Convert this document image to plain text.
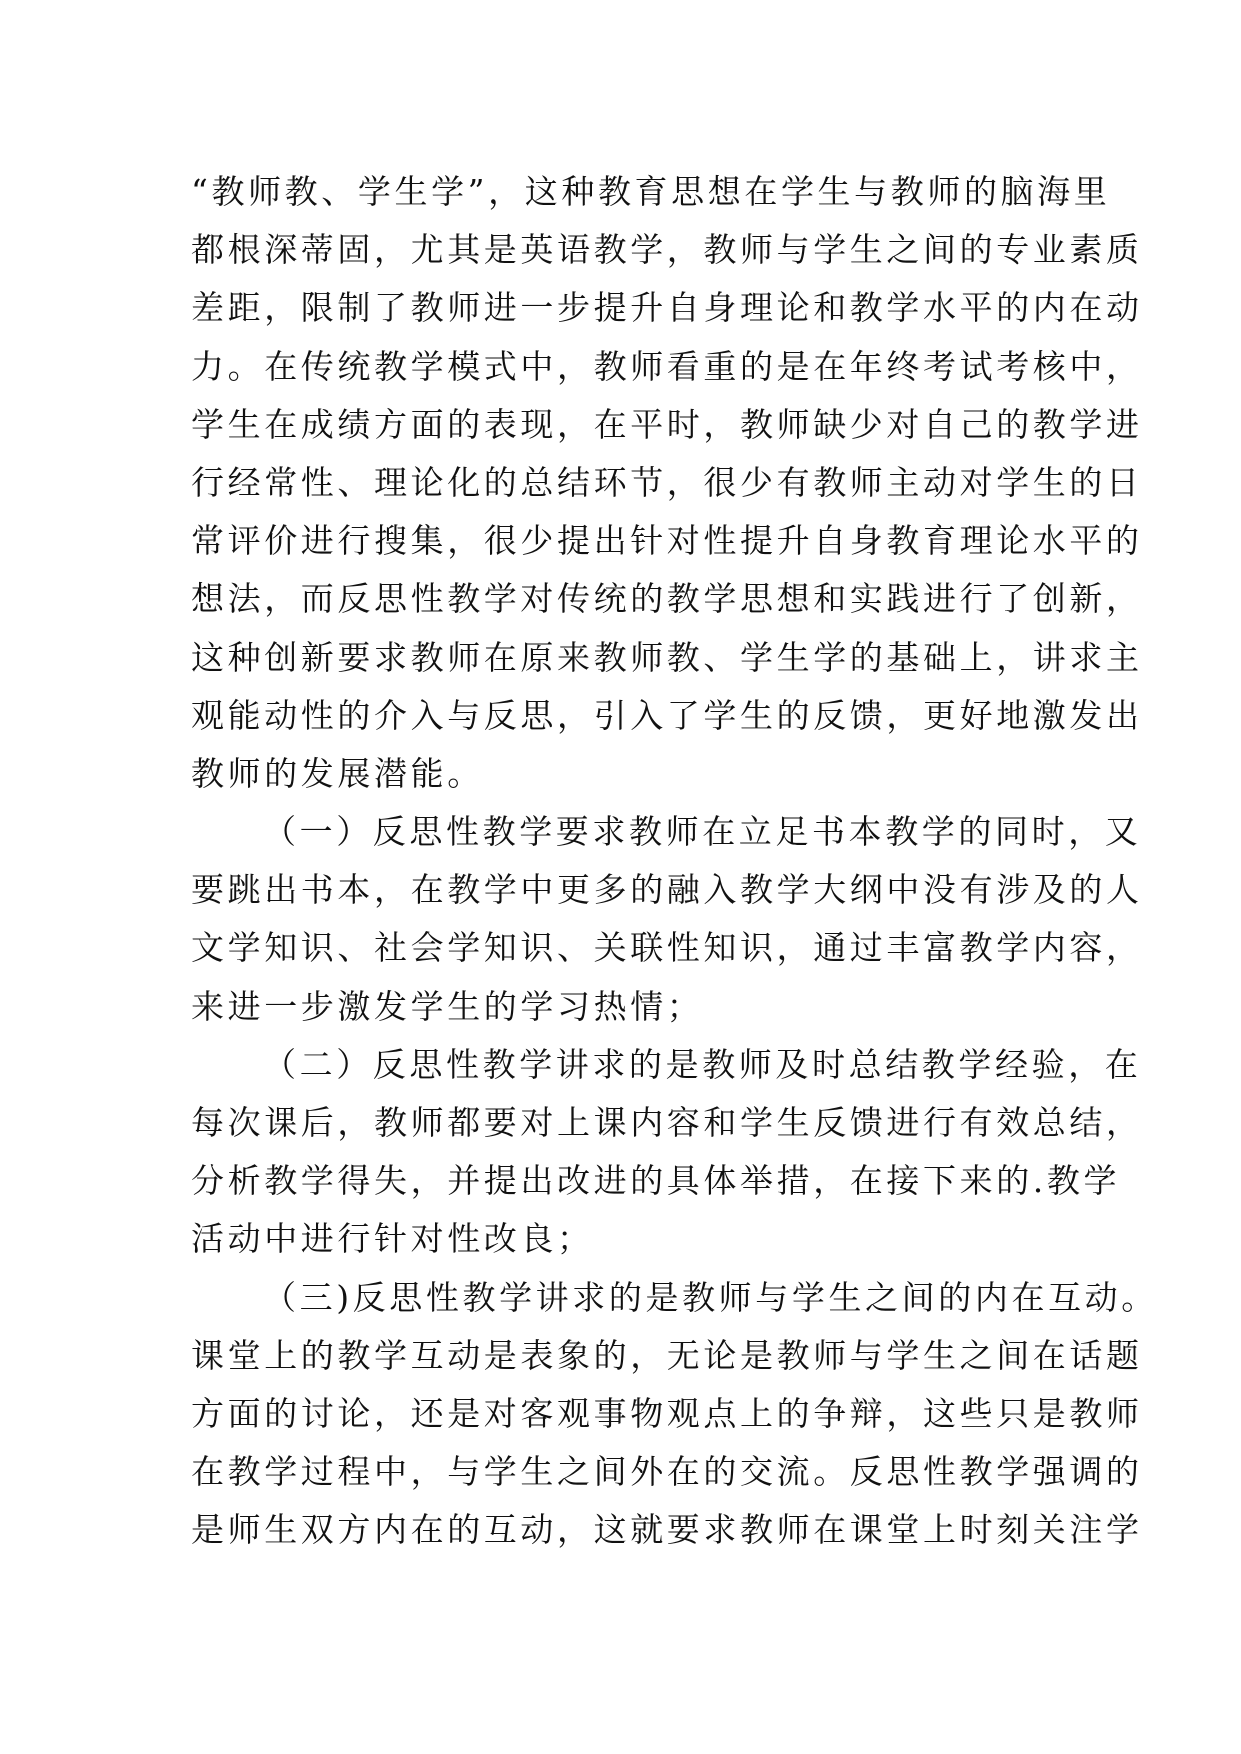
“教师教、学生学”，这种教育思想在学生与教师的脑海里
都根深蒂固，尤其是英语教学，教师与学生之间的专业素质
差距，限制了教师进一步提升自身理论和教学水平的内在动
力。在传统教学模式中，教师看重的是在年终考试考核中，
学生在成绩方面的表现，在平时，教师缺少对自己的教学进
行经常性、理论化的总结环节，很少有教师主动对学生的日
常评价进行搜集，很少提出针对性提升自身教育理论水平的
想法，而反思性教学对传统的教学思想和实践进行了创新，
这种创新要求教师在原来教师教、学生学的基础上，讲求主
观能动性的介入与反思，引入了学生的反馈，更好地激发出
教师的发展潜能。
（一）反思性教学要求教师在立足书本教学的同时，又
要跳出书本，在教学中更多的融入教学大纲中没有涉及的人
文学知识、社会学知识、关联性知识，通过丰富教学内容，
来进一步激发学生的学习热情；
（二）反思性教学讲求的是教师及时总结教学经验，在
每次课后，教师都要对上课内容和学生反馈进行有效总结，
分析教学得失，并提出改进的具体举措，在接下来的.教学
活动中进行针对性改良；
（三)反思性教学讲求的是教师与学生之间的内在互动。
课堂上的教学互动是表象的，无论是教师与学生之间在话题
方面的讨论，还是对客观事物观点上的争辩，这些只是教师
在教学过程中，与学生之间外在的交流。反思性教学强调的
是师生双方内在的互动，这就要求教师在课堂上时刻关注学
